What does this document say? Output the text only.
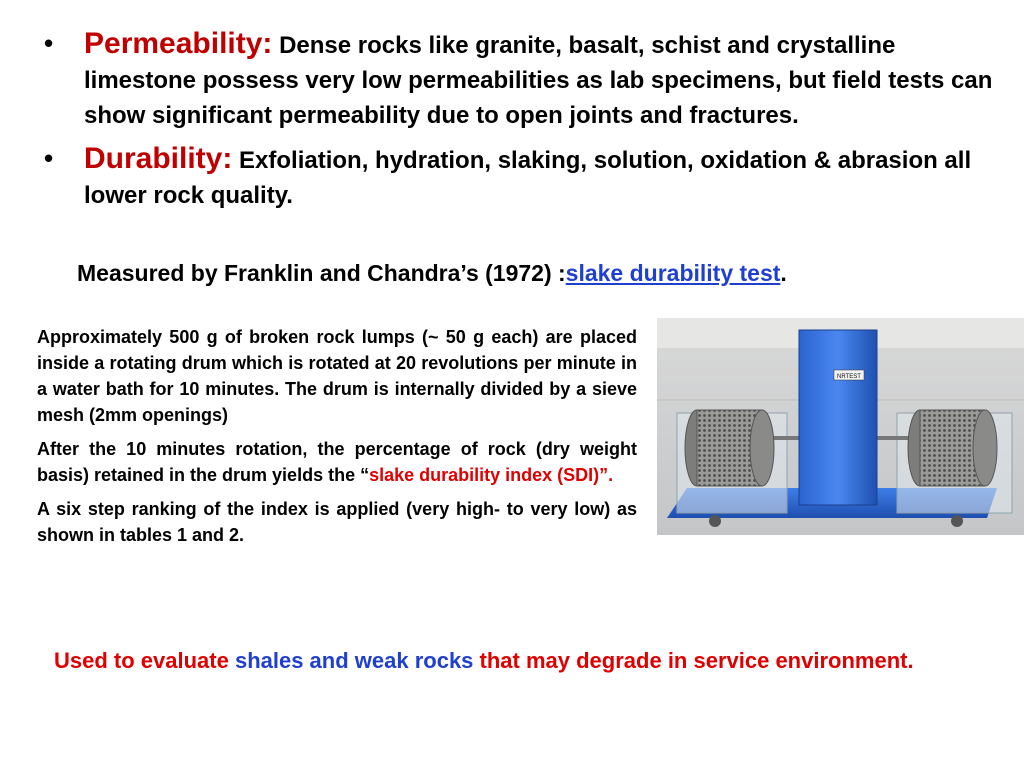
• Permeability: Dense rocks like granite, basalt, schist and crystalline limestone possess very low permeabilities as lab specimens, but field tests can show significant permeability due to open joints and fractures.
• Durability: Exfoliation, hydration, slaking, solution, oxidation & abrasion all lower rock quality.
Measured by Franklin and Chandra’s (1972) :slake durability test.

Approximately 500 g of broken rock lumps (~ 50 g each) are placed inside a rotating drum which is rotated at 20 revolutions per minute in a water bath for 10 minutes. The drum is internally divided by a sieve mesh (2mm openings)

After the 10 minutes rotation, the percentage of rock (dry weight basis) retained in the drum yields the “slake durability index (SDI)”.

A six step ranking of the index is applied (very high- to very low) as shown in tables 1 and 2.

NRTEST
Used to evaluate shales and weak rocks that may degrade in service environment.
